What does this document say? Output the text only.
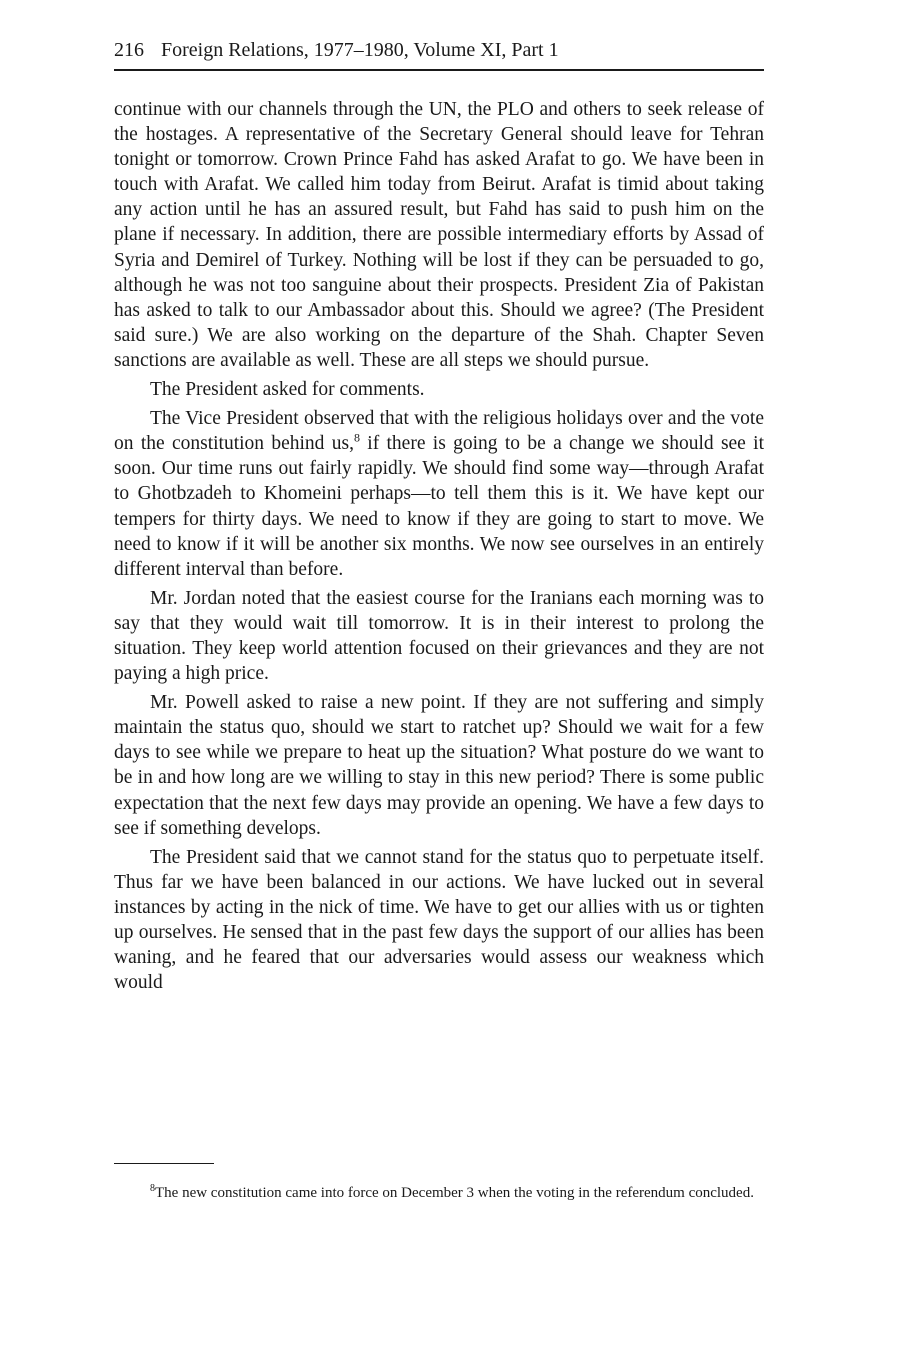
216 Foreign Relations, 1977–1980, Volume XI, Part 1

continue with our channels through the UN, the PLO and others to seek release of the hostages. A representative of the Secretary General should leave for Tehran tonight or tomorrow. Crown Prince Fahd has asked Arafat to go. We have been in touch with Arafat. We called him today from Beirut. Arafat is timid about taking any action until he has an assured result, but Fahd has said to push him on the plane if necessary. In addition, there are possible intermediary efforts by Assad of Syria and Demirel of Turkey. Nothing will be lost if they can be persuaded to go, although he was not too sanguine about their prospects. President Zia of Pakistan has asked to talk to our Ambassador about this. Should we agree? (The President said sure.) We are also working on the departure of the Shah. Chapter Seven sanctions are available as well. These are all steps we should pursue.

The President asked for comments.

The Vice President observed that with the religious holidays over and the vote on the constitution behind us,$^8$ if there is going to be a change we should see it soon. Our time runs out fairly rapidly. We should find some way—through Arafat to Ghotbzadeh to Khomeini perhaps—to tell them this is it. We have kept our tempers for thirty days. We need to know if they are going to start to move. We need to know if it will be another six months. We now see ourselves in an entirely different interval than before.

Mr. Jordan noted that the easiest course for the Iranians each morning was to say that they would wait till tomorrow. It is in their interest to prolong the situation. They keep world attention focused on their grievances and they are not paying a high price.

Mr. Powell asked to raise a new point. If they are not suffering and simply maintain the status quo, should we start to ratchet up? Should we wait for a few days to see while we prepare to heat up the situation? What posture do we want to be in and how long are we willing to stay in this new period? There is some public expectation that the next few days may provide an opening. We have a few days to see if something develops.

The President said that we cannot stand for the status quo to perpetuate itself. Thus far we have been balanced in our actions. We have lucked out in several instances by acting in the nick of time. We have to get our allies with us or tighten up ourselves. He sensed that in the past few days the support of our allies has been waning, and he feared that our adversaries would assess our weakness which would

$^8$The new constitution came into force on December 3 when the voting in the referendum concluded.
